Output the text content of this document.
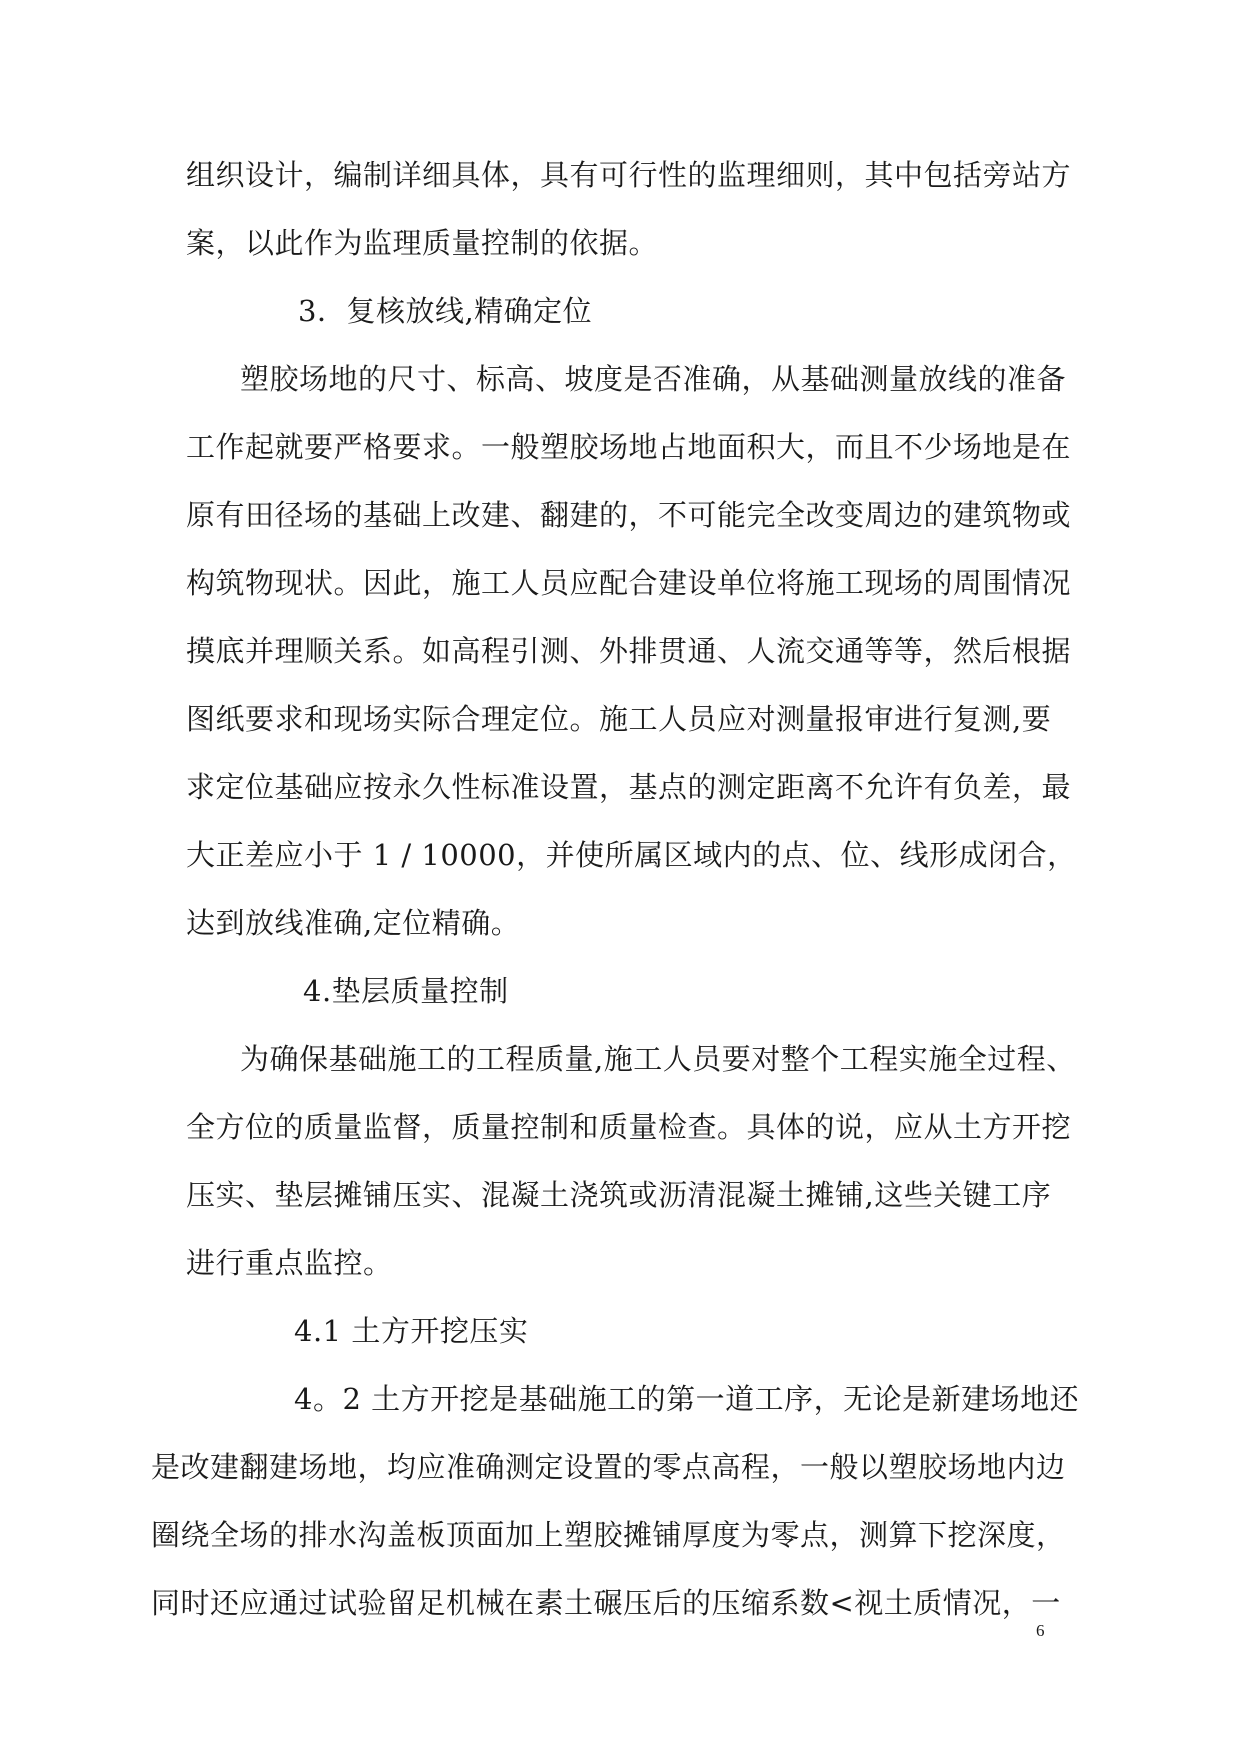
组织设计，编制详细具体，具有可行性的监理细则，其中包括旁站方
案，以此作为监理质量控制的依据。
3．复核放线,精确定位
塑胶场地的尺寸、标高、坡度是否准确，从基础测量放线的准备
工作起就要严格要求。一般塑胶场地占地面积大，而且不少场地是在
原有田径场的基础上改建、翻建的，不可能完全改变周边的建筑物或
构筑物现状。因此，施工人员应配合建设单位将施工现场的周围情况
摸底并理顺关系。如高程引测、外排贯通、人流交通等等，然后根据
图纸要求和现场实际合理定位。施工人员应对测量报审进行复测,要
求定位基础应按永久性标准设置，基点的测定距离不允许有负差，最
大正差应小于 1 / 10000，并使所属区域内的点、位、线形成闭合，
达到放线准确,定位精确。
4.垫层质量控制
为确保基础施工的工程质量,施工人员要对整个工程实施全过程、
全方位的质量监督，质量控制和质量检查。具体的说，应从土方开挖
压实、垫层摊铺压实、混凝土浇筑或沥清混凝土摊铺,这些关键工序
进行重点监控。
4.1 土方开挖压实
4。2 土方开挖是基础施工的第一道工序，无论是新建场地还
是改建翻建场地，均应准确测定设置的零点高程，一般以塑胶场地内边
圈绕全场的排水沟盖板顶面加上塑胶摊铺厚度为零点，测算下挖深度，
同时还应通过试验留足机械在素土碾压后的压缩系数<视土质情况，一
6
